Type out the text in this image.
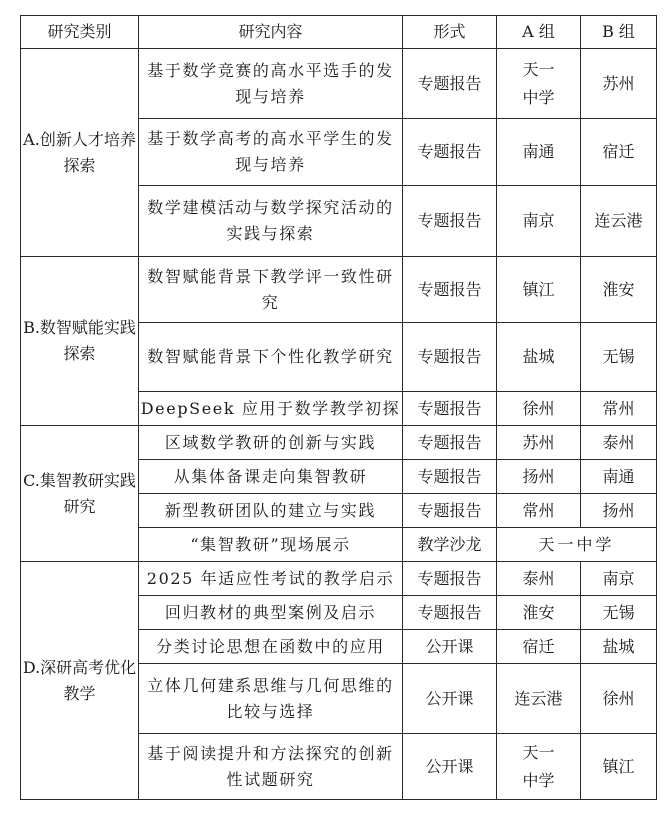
研究类别	研究内容	形式	A 组	B 组
A.创新人才培养探索	基于数学竞赛的高水平选手的发现与培养	专题报告	天一中学	苏州
	基于数学高考的高水平学生的发现与培养	专题报告	南通	宿迁
	数学建模活动与数学探究活动的实践与探索	专题报告	南京	连云港
B.数智赋能实践探索	数智赋能背景下教学评一致性研究	专题报告	镇江	淮安
	数智赋能背景下个性化教学研究	专题报告	盐城	无锡
	DeepSeek 应用于数学教学初探	专题报告	徐州	常州
C.集智教研实践研究	区域数学教研的创新与实践	专题报告	苏州	泰州
	从集体备课走向集智教研	专题报告	扬州	南通
	新型教研团队的建立与实践	专题报告	常州	扬州
	“集智教研”现场展示	教学沙龙	天一中学	
D.深研高考优化教学	2025 年适应性考试的教学启示	专题报告	泰州	南京
	回归教材的典型案例及启示	专题报告	淮安	无锡
	分类讨论思想在函数中的应用	公开课	宿迁	盐城
	立体几何建系思维与几何思维的比较与选择	公开课	连云港	徐州
	基于阅读提升和方法探究的创新性试题研究	公开课	天一中学	镇江
